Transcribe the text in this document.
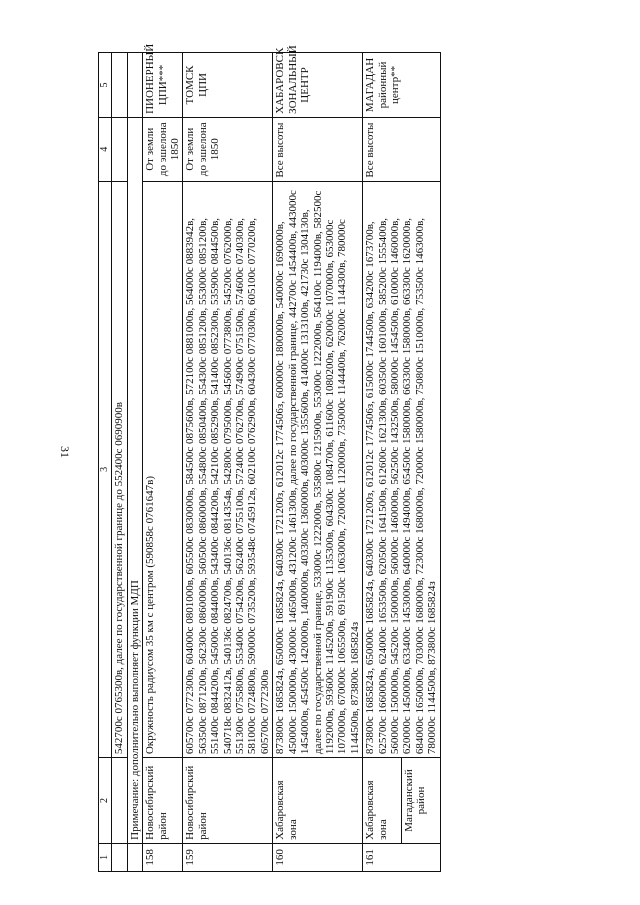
31
1	2	3	4	5
		542700с 0765300в, далее по государственной границе до 552400с 0690900в		
	Примечание: дополнительно выполняет функции МДП			
158	Новосибирский район	Окружность радиусом 35 км с центром (590858с 0761647в)	От земли до эшелона 1850	ПИОНЕРНЫЙ ЦПИ***
159	Новосибирский район	605700с 0772300в, 604000с 0801000в, 605500с 0830000в, 584500с 0875600в, 572100с 0881000в, 564000с 0883942в, 563500с 0871200в, 562300с 0860000в, 560500с 0860000в, 554800с 0850400в, 554300с 0851200в, 553000с 0851200в, 551400с 0844200в, 545000с 0844000в, 543400с 0844200в, 542100с 0852900в, 541400с 0852300в, 535900с 0844500в, 540718с 0832412в, 540136с 0824700в, 540136с 0814354в, 542800с 0795000в, 545600с 0773800в, 545200с 0762000в, 551300с 0755800в, 553400с 0754200в, 562400с 0755100в, 572400с 0762700в, 574900с 0751500в, 574600с 0740300в, 581000с 0724800в, 590000с 0735200в, 593548с 0745912в, 602100с 0762900в, 604300с 0770300в, 605100с 0770200в, 605700с 0772300в	От земли до эшелона 1850	ТОМСК ЦПИ
160	Хабаровская зона	873800с 1685824з, 650000с 1685824з, 640300с 1721200з, 612012с 1774506з, 600000с 1800000в, 540000с 1690000в, 450000с 1500000в, 430000с 1465000в, 431200с 1461300в, далее по государственной границе, 442700с 1454400в, 443000с 1454000в, 454500с 1420000в, 1400000в, 403300с 1360000в, 403000с 1355600в, 414000с 1313100в, 421730с 1304130в, далее по государственной границе, 533000с 1222000в, 535800с 1215900в, 553000с 1222000в, 564100с 1194000в, 582500с 1192000в, 593600с 1145200в, 591900с 1135300в, 604300с 1084700в, 611600с 1080200в, 620000с 1070000в, 653000с 1070000в, 670000с 1065500в, 691500с 1063000в, 720000с 1120000в, 735000с 1144400в, 762000с 1144300в, 780000с 1144500в, 873800с 1685824з	Все высоты	ХАБАРОВСК ЗОНАЛЬНЫЙ ЦЕНТР
161	Хабаровская зона	873800с 1685824з, 650000с 1685824з, 640300с 1721200з, 612012с 1774506з, 615000с 1744500в, 634200с 1673700в, 625700с 1660000в, 624000с 1653500в, 620500с 1641500в, 612600с 1621300в, 603500с 1601000в, 585200с 1555400в, 560000с 1500000в, 545200с 1500000в, 560000с 1460000в, 562500с 1432500в, 580000с 1454500в, 610000с 1460000в, 620000с 1450000в, 633400с 1453000в, 640000с 1494000в, 654500с 1580000в, 663300с 1580000в, 663300с 1620000в, 684000с 1650000в, 703000с 1680000в, 723000с 1680000в, 720000с 1580000в, 750800с 1510000в, 753500с 1463000в, 780000с 1144500в, 873800с 1685824з	Все высоты	МАГАДАН районный центр**
	Магаданский район			
